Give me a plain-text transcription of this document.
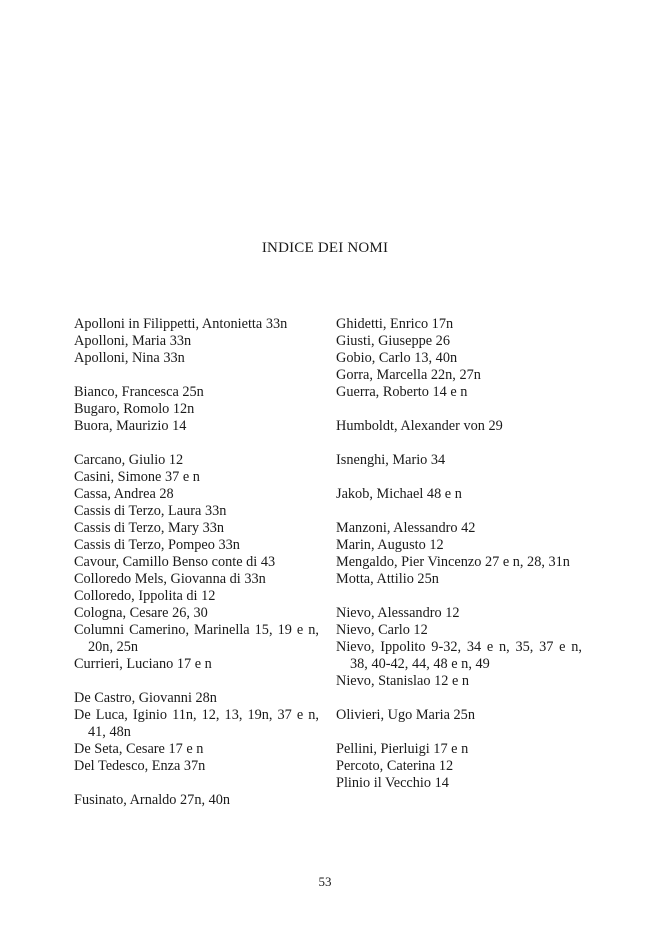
INDICE DEI NOMI
Apolloni in Filippetti, Antonietta 33n
Apolloni, Maria 33n
Apolloni, Nina 33n
Bianco, Francesca 25n
Bugaro, Romolo 12n
Buora, Maurizio 14
Carcano, Giulio 12
Casini, Simone 37 e n
Cassa, Andrea 28
Cassis di Terzo, Laura 33n
Cassis di Terzo, Mary 33n
Cassis di Terzo, Pompeo 33n
Cavour, Camillo Benso conte di 43
Colloredo Mels, Giovanna di 33n
Colloredo, Ippolita di 12
Cologna, Cesare 26, 30
Columni Camerino, Marinella 15, 19 e n, 20n, 25n
Currieri, Luciano 17 e n
De Castro, Giovanni 28n
De Luca, Iginio 11n, 12, 13, 19n, 37 e n, 41, 48n
De Seta, Cesare 17 e n
Del Tedesco, Enza 37n
Fusinato, Arnaldo 27n, 40n
Ghidetti, Enrico 17n
Giusti, Giuseppe 26
Gobio, Carlo 13, 40n
Gorra, Marcella 22n, 27n
Guerra, Roberto 14 e n
Humboldt, Alexander von 29
Isnenghi, Mario 34
Jakob, Michael 48 e n
Manzoni, Alessandro 42
Marin, Augusto 12
Mengaldo, Pier Vincenzo 27 e n, 28, 31n
Motta, Attilio 25n
Nievo, Alessandro 12
Nievo, Carlo 12
Nievo, Ippolito 9-32, 34 e n, 35, 37 e n, 38, 40-42, 44, 48 e n, 49
Nievo, Stanislao 12 e n
Olivieri, Ugo Maria 25n
Pellini, Pierluigi 17 e n
Percoto, Caterina 12
Plinio il Vecchio 14
53
